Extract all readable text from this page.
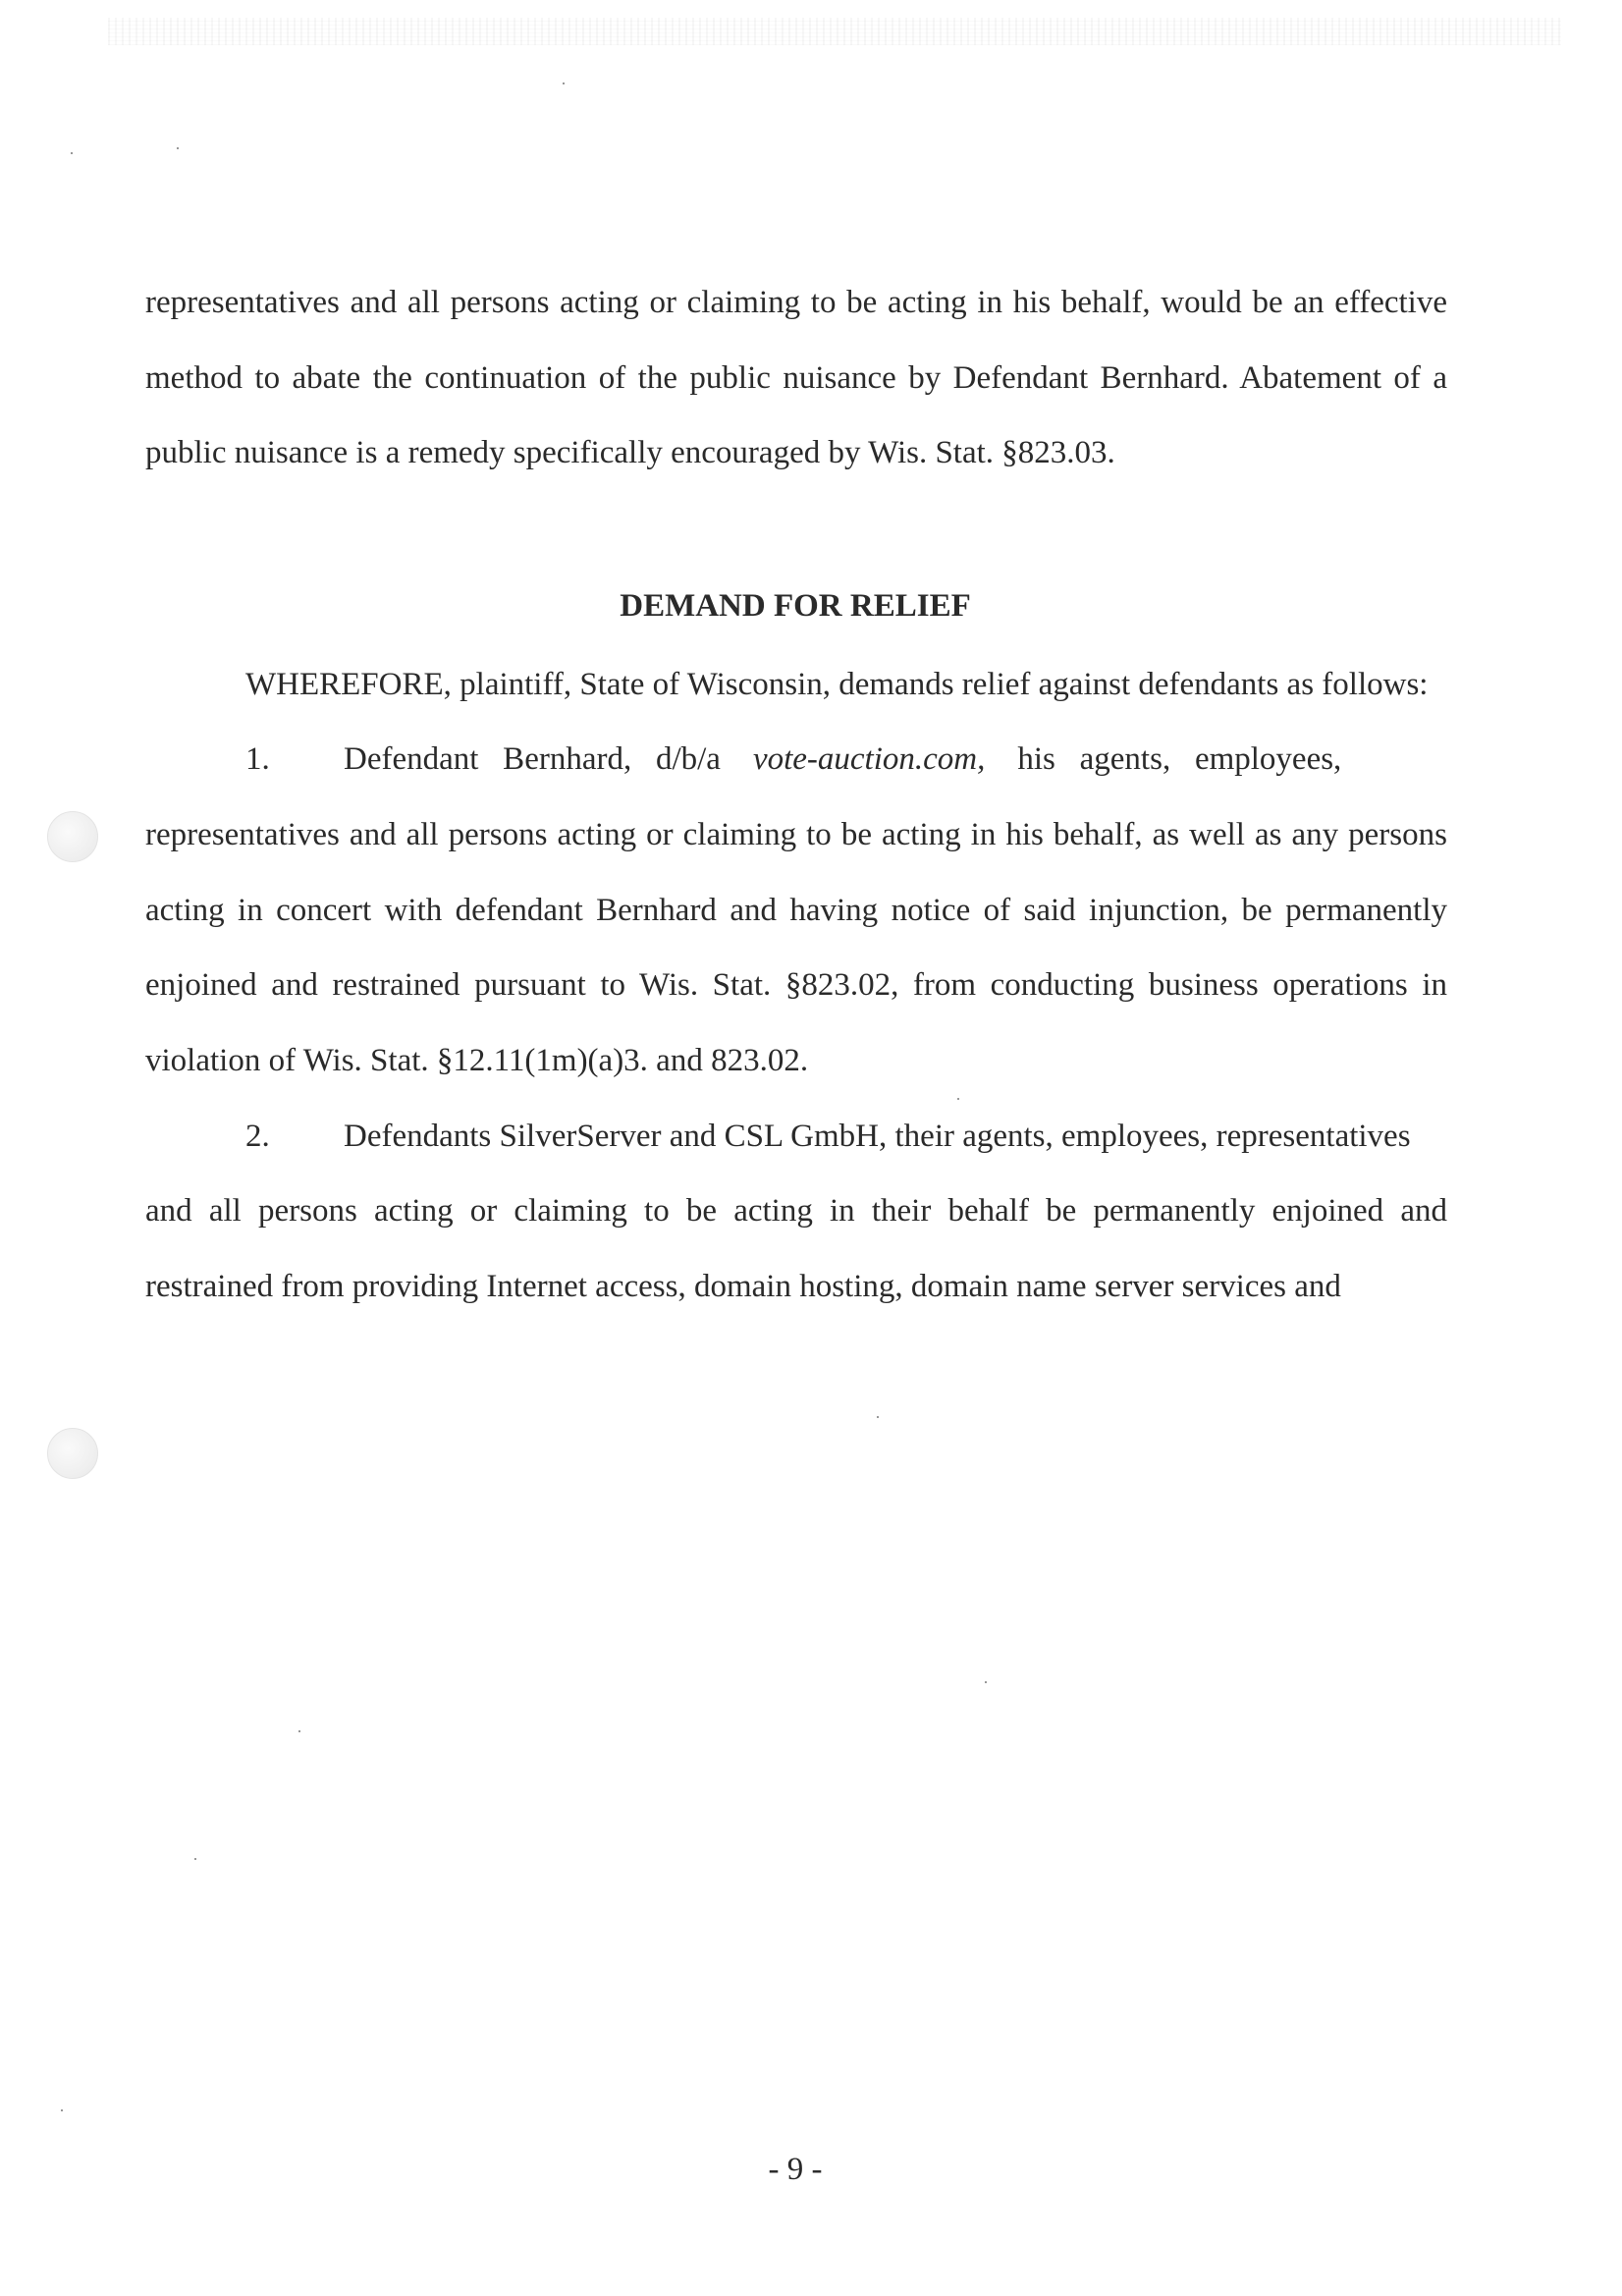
representatives and all persons acting or claiming to be acting in his behalf, would be an effective

method to abate the continuation of the public nuisance by Defendant Bernhard. Abatement of a

public nuisance is a remedy specifically encouraged by Wis. Stat. §823.03.

DEMAND FOR RELIEF

WHEREFORE, plaintiff, State of Wisconsin, demands relief against defendants as follows:

1. Defendant   Bernhard,   d/b/a vote-auction.com, his   agents,   employees,

representatives and all persons acting or claiming to be acting in his behalf, as well as any persons

acting in concert with defendant Bernhard and having notice of said injunction, be permanently

enjoined and restrained pursuant to Wis. Stat. §823.02, from conducting business operations in

violation of Wis. Stat. §12.11(1m)(a)3. and 823.02.

2. Defendants SilverServer and CSL GmbH, their agents, employees, representatives

and all persons acting or claiming to be acting in their behalf be permanently enjoined and

restrained from providing Internet access, domain hosting, domain name server services and

- 9 -
